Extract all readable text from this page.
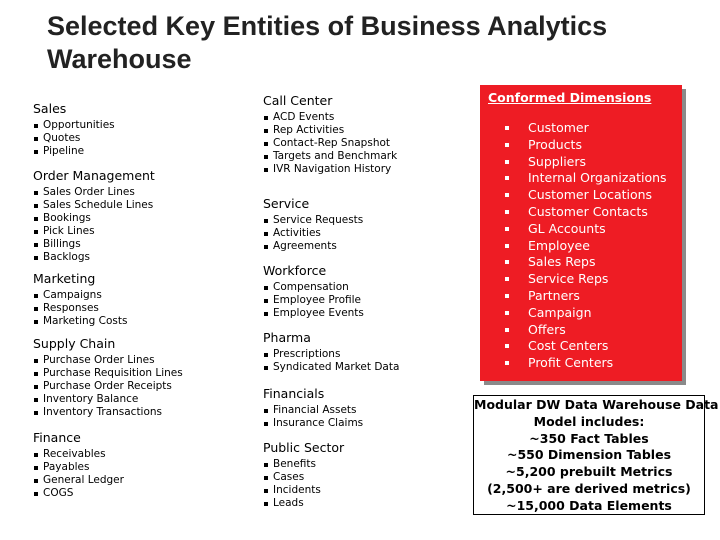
Selected Key Entities of Business Analytics Warehouse
Sales
Opportunities
Quotes
Pipeline
Order Management
Sales Order Lines
Sales Schedule Lines
Bookings
Pick Lines
Billings
Backlogs
Marketing
Campaigns
Responses
Marketing Costs
Supply Chain
Purchase Order Lines
Purchase Requisition Lines
Purchase Order Receipts
Inventory Balance
Inventory Transactions
Finance
Receivables
Payables
General Ledger
COGS
Call Center
ACD Events
Rep Activities
Contact-Rep Snapshot
Targets and Benchmark
IVR Navigation History
Service
Service Requests
Activities
Agreements
Workforce
Compensation
Employee Profile
Employee Events
Pharma
Prescriptions
Syndicated Market Data
Financials
Financial Assets
Insurance Claims
Public Sector
Benefits
Cases
Incidents
Leads
Conformed Dimensions
Customer
Products
Suppliers
Internal Organizations
Customer Locations
Customer Contacts
GL Accounts
Employee
Sales Reps
Service Reps
Partners
Campaign
Offers
Cost Centers
Profit Centers
Modular DW Data Warehouse Data
Model includes:
~350 Fact Tables
~550 Dimension Tables
~5,200 prebuilt Metrics
(2,500+ are derived metrics)
~15,000 Data Elements
